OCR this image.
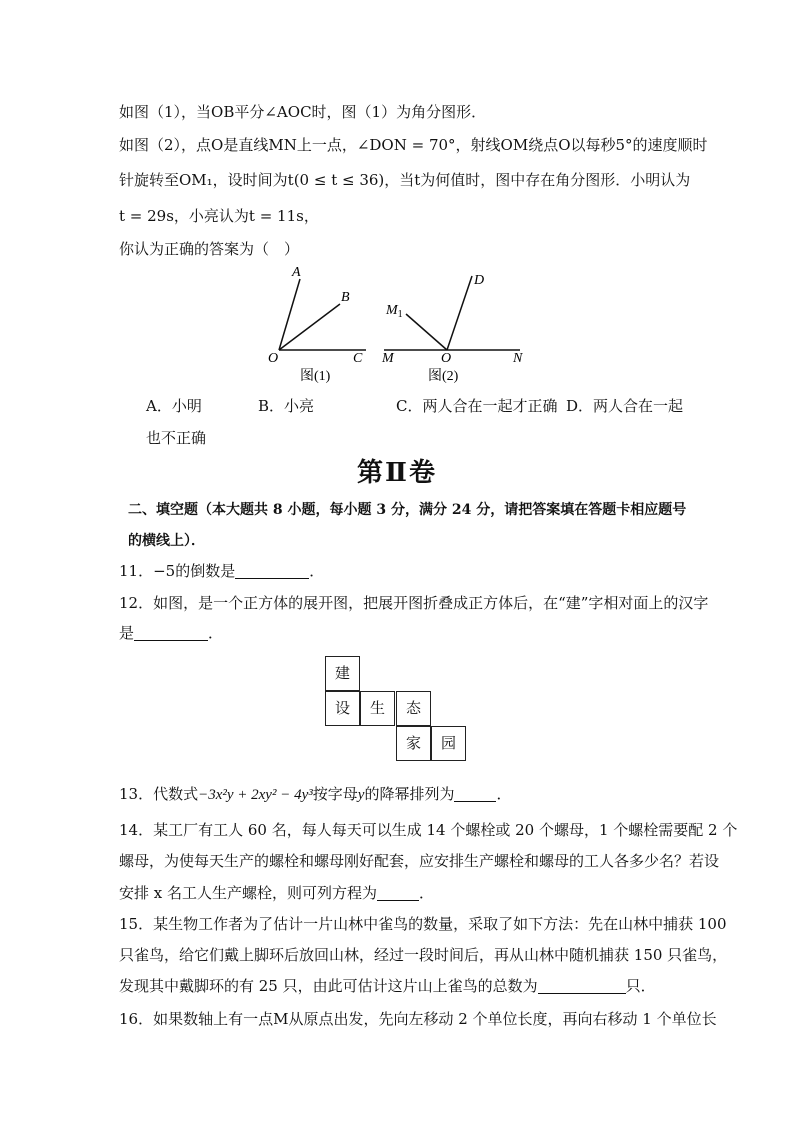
如图（1），当OB平分∠AOC时，图（1）为角分图形．
如图（2），点O是直线MN上一点，∠DON = 70°，射线OM绕点O以每秒5°的速度顺时
针旋转至OM₁，设时间为t(0 ≤ t ≤ 36)，当t为何值时，图中存在角分图形．小明认为
t = 29s，小亮认为t = 11s，
你认为正确的答案为（　）
A
B
O	C
图(1)
$M_1$
D
M	O	N
图(2)
A．小明	B．小亮	C．两人合在一起才正确 D．两人合在一起
也不正确
第Ⅱ卷
二、填空题（本大题共 8 小题，每小题 3 分，满分 24 分，请把答案填在答题卡相应题号
的横线上）．
11．−5的倒数是	．
12．如图，是一个正方体的展开图，把展开图折叠成正方体后，在“建”字相对面上的汉字
是	．
建
设	生	态
家	园
13．代数式−3x²y + 2xy² − 4y³按字母y的降幂排列为	．
14．某工厂有工人 60 名，每人每天可以生成 14 个螺栓或 20 个螺母，1 个螺栓需要配 2 个
螺母，为使每天生产的螺栓和螺母刚好配套，应安排生产螺栓和螺母的工人各多少名？若设
安排 x 名工人生产螺栓，则可列方程为	．
15．某生物工作者为了估计一片山林中雀鸟的数量，采取了如下方法：先在山林中捕获 100
只雀鸟，给它们戴上脚环后放回山林，经过一段时间后，再从山林中随机捕获 150 只雀鸟，
发现其中戴脚环的有 25 只，由此可估计这片山上雀鸟的总数为	只．
16．如果数轴上有一点M从原点出发，先向左移动 2 个单位长度，再向右移动 1 个单位长
